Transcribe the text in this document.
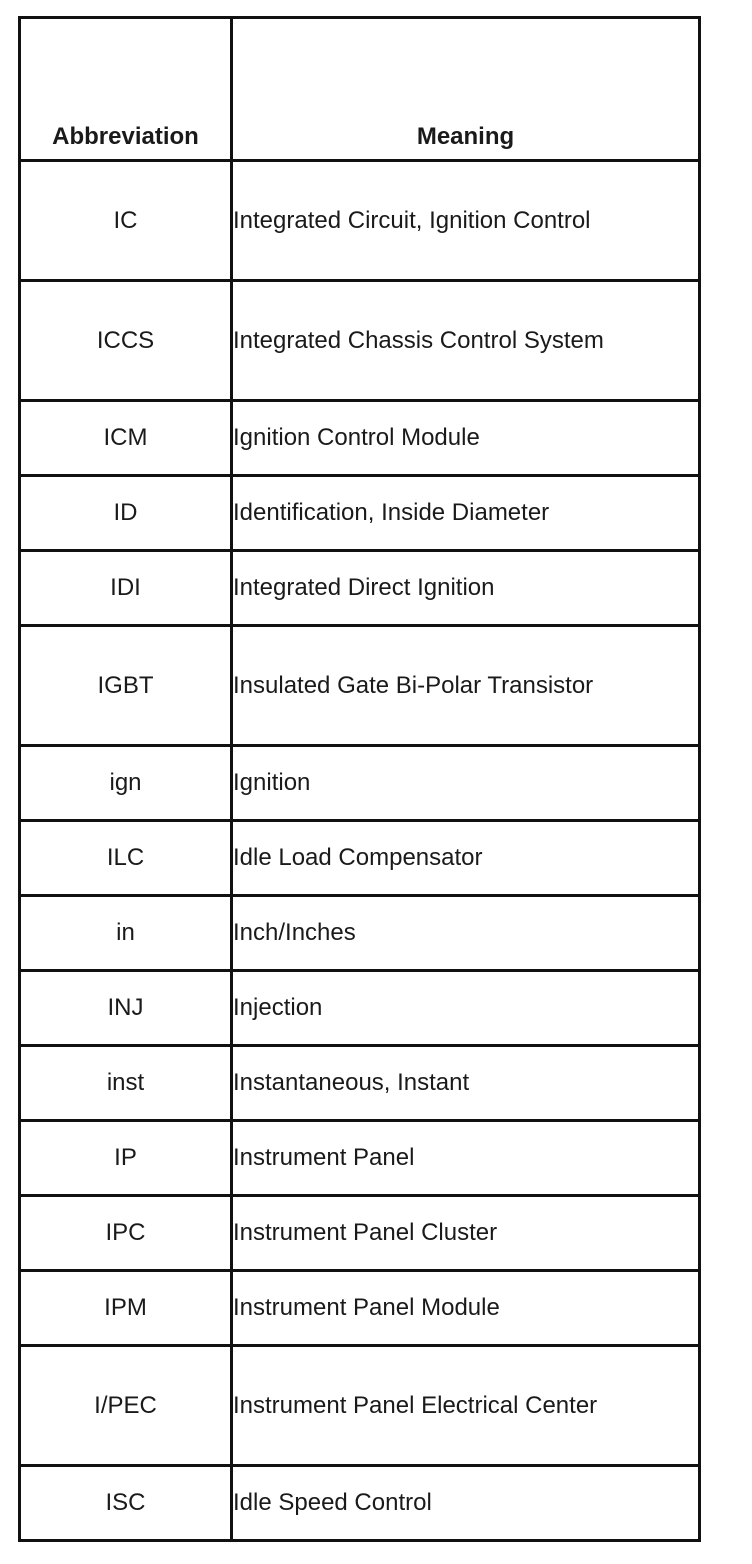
Abbreviation	Meaning
IC	Integrated Circuit, Ignition Control
ICCS	Integrated Chassis Control System
ICM	Ignition Control Module
ID	Identification, Inside Diameter
IDI	Integrated Direct Ignition
IGBT	Insulated Gate Bi-Polar Transistor
ign	Ignition
ILC	Idle Load Compensator
in	Inch/Inches
INJ	Injection
inst	Instantaneous, Instant
IP	Instrument Panel
IPC	Instrument Panel Cluster
IPM	Instrument Panel Module
I/PEC	Instrument Panel Electrical Center
ISC	Idle Speed Control
